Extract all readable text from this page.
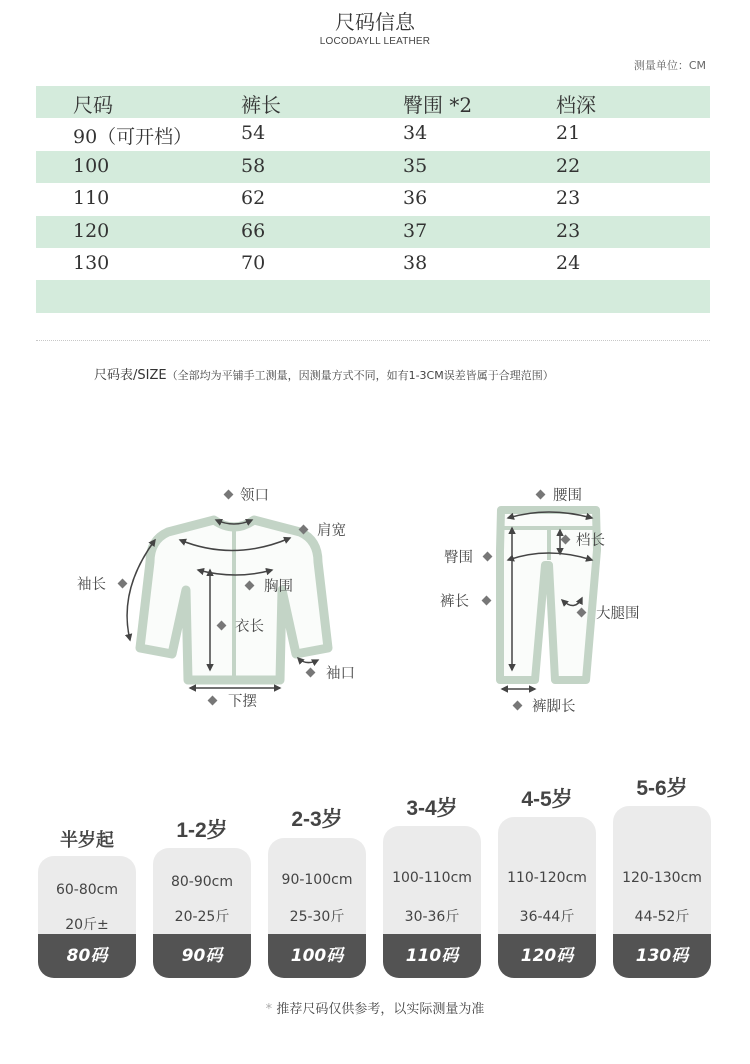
尺码信息
LOCODAYLL LEATHER
测量单位：CM
尺码	裤长	臀围 *2	档深
90（可开档）	54	34	21
100	58	35	22
110	62	36	23
120	66	37	23
130	70	38	24
尺码表/SIZE（全部均为平铺手工测量，因测量方式不同，如有1-3CM误差皆属于合理范围）
领口
肩宽
袖长	胸围
衣长
袖口
下摆
腰围
臀围
档长
裤长
大腿围
裤脚长
半岁起	1-2岁	2-3岁	3-4岁	4-5岁	5-6岁
60-80cm
20斤±
80码
80-90cm
20-25斤
90码
90-100cm
25-30斤
100码
100-110cm
30-36斤
110码
110-120cm
36-44斤
120码
120-130cm
44-52斤
130码
* 推荐尺码仅供参考，以实际测量为准
